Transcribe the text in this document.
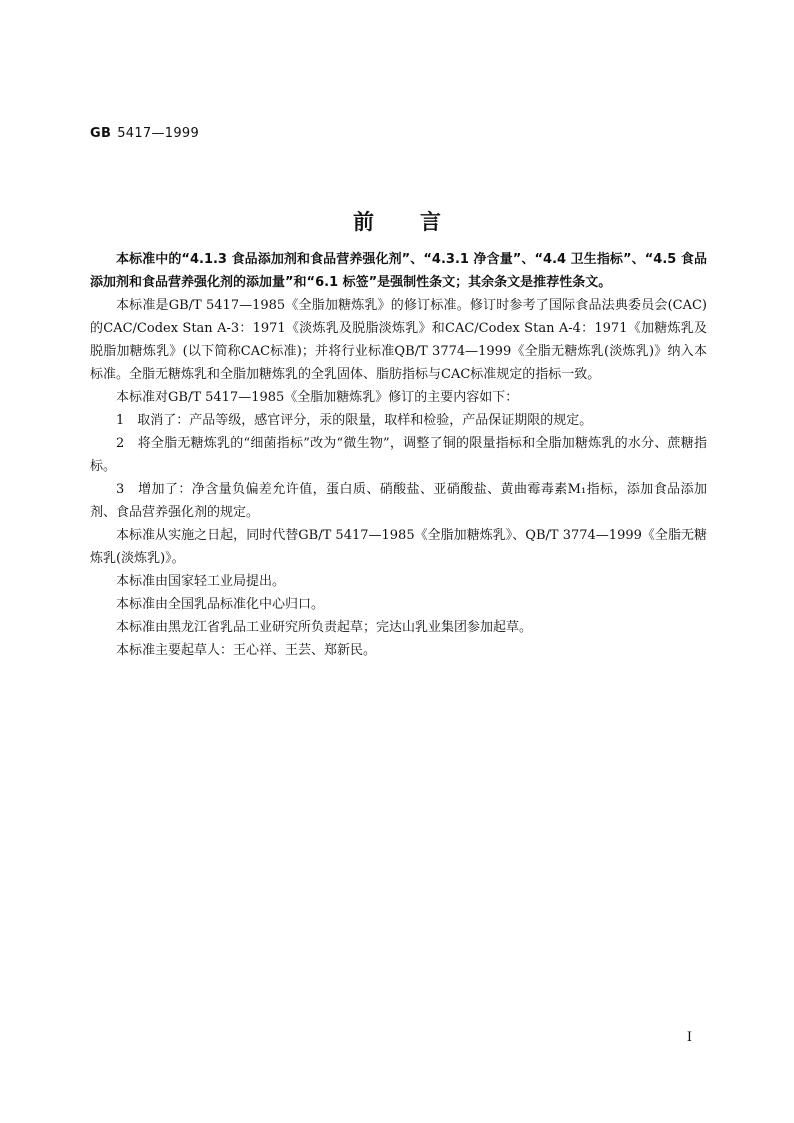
GB 5417—1999
前 言

本标准中的“4.1.3 食品添加剂和食品营养强化剂”、“4.3.1 净含量”、“4.4 卫生指标”、“4.5 食品添加剂和食品营养强化剂的添加量”和“6.1 标签”是强制性条文；其余条文是推荐性条文。

本标准是GB/T 5417—1985《全脂加糖炼乳》的修订标准。修订时参考了国际食品法典委员会(CAC)的CAC/Codex Stan A-3：1971《淡炼乳及脱脂淡炼乳》和CAC/Codex Stan A-4：1971《加糖炼乳及脱脂加糖炼乳》(以下简称CAC标准)；并将行业标准QB/T 3774—1999《全脂无糖炼乳(淡炼乳)》纳入本标准。全脂无糖炼乳和全脂加糖炼乳的全乳固体、脂肪指标与CAC标准规定的指标一致。

本标准对GB/T 5417—1985《全脂加糖炼乳》修订的主要内容如下：

1　取消了：产品等级，感官评分，汞的限量，取样和检验，产品保证期限的规定。

2　将全脂无糖炼乳的“细菌指标”改为“微生物”，调整了铜的限量指标和全脂加糖炼乳的水分、蔗糖指标。

3　增加了：净含量负偏差允许值，蛋白质、硝酸盐、亚硝酸盐、黄曲霉毒素M₁指标，添加食品添加剂、食品营养强化剂的规定。

本标准从实施之日起，同时代替GB/T 5417—1985《全脂加糖炼乳》、QB/T 3774—1999《全脂无糖炼乳(淡炼乳)》。

本标准由国家轻工业局提出。

本标准由全国乳品标准化中心归口。

本标准由黑龙江省乳品工业研究所负责起草；完达山乳业集团参加起草。

本标准主要起草人：王心祥、王芸、郑新民。

I
